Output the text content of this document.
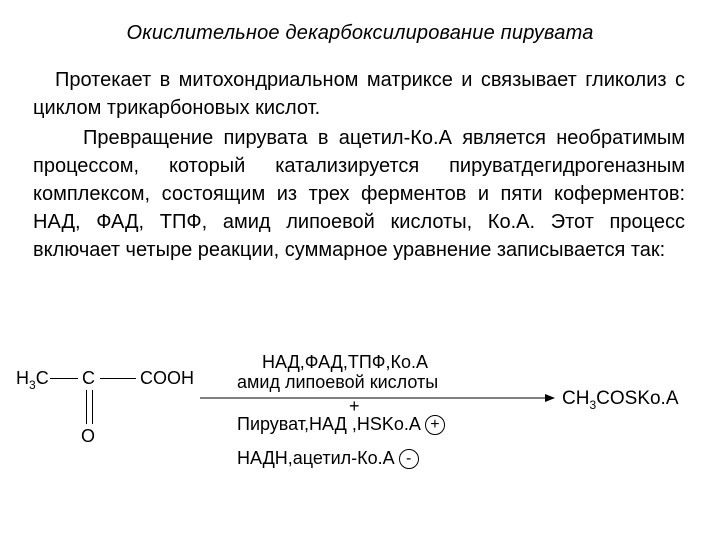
Окислительное декарбоксилирование пирувата
Протекает в митохондриальном матриксе и связывает гликолиз с циклом трикарбоновых кислот.
Превращение пирувата в ацетил-Ко.А является необратимым процессом, который катализируется пируватдегидрогеназным комплексом, состоящим из трех ферментов и пяти коферментов: НАД, ФАД, ТПФ, амид липоевой кислоты, Ко.А. Этот процесс включает четыре реакции, суммарное уравнение записывается так:
$H_3C$ C	COOH
O
НАД,ФАД,ТПФ,Ко.А
амид липоевой кислоты
+
Пируват,НАД ,HSKo.A +
НАДН,ацетил-Ко.А -
$CH_3COSKo.A$
